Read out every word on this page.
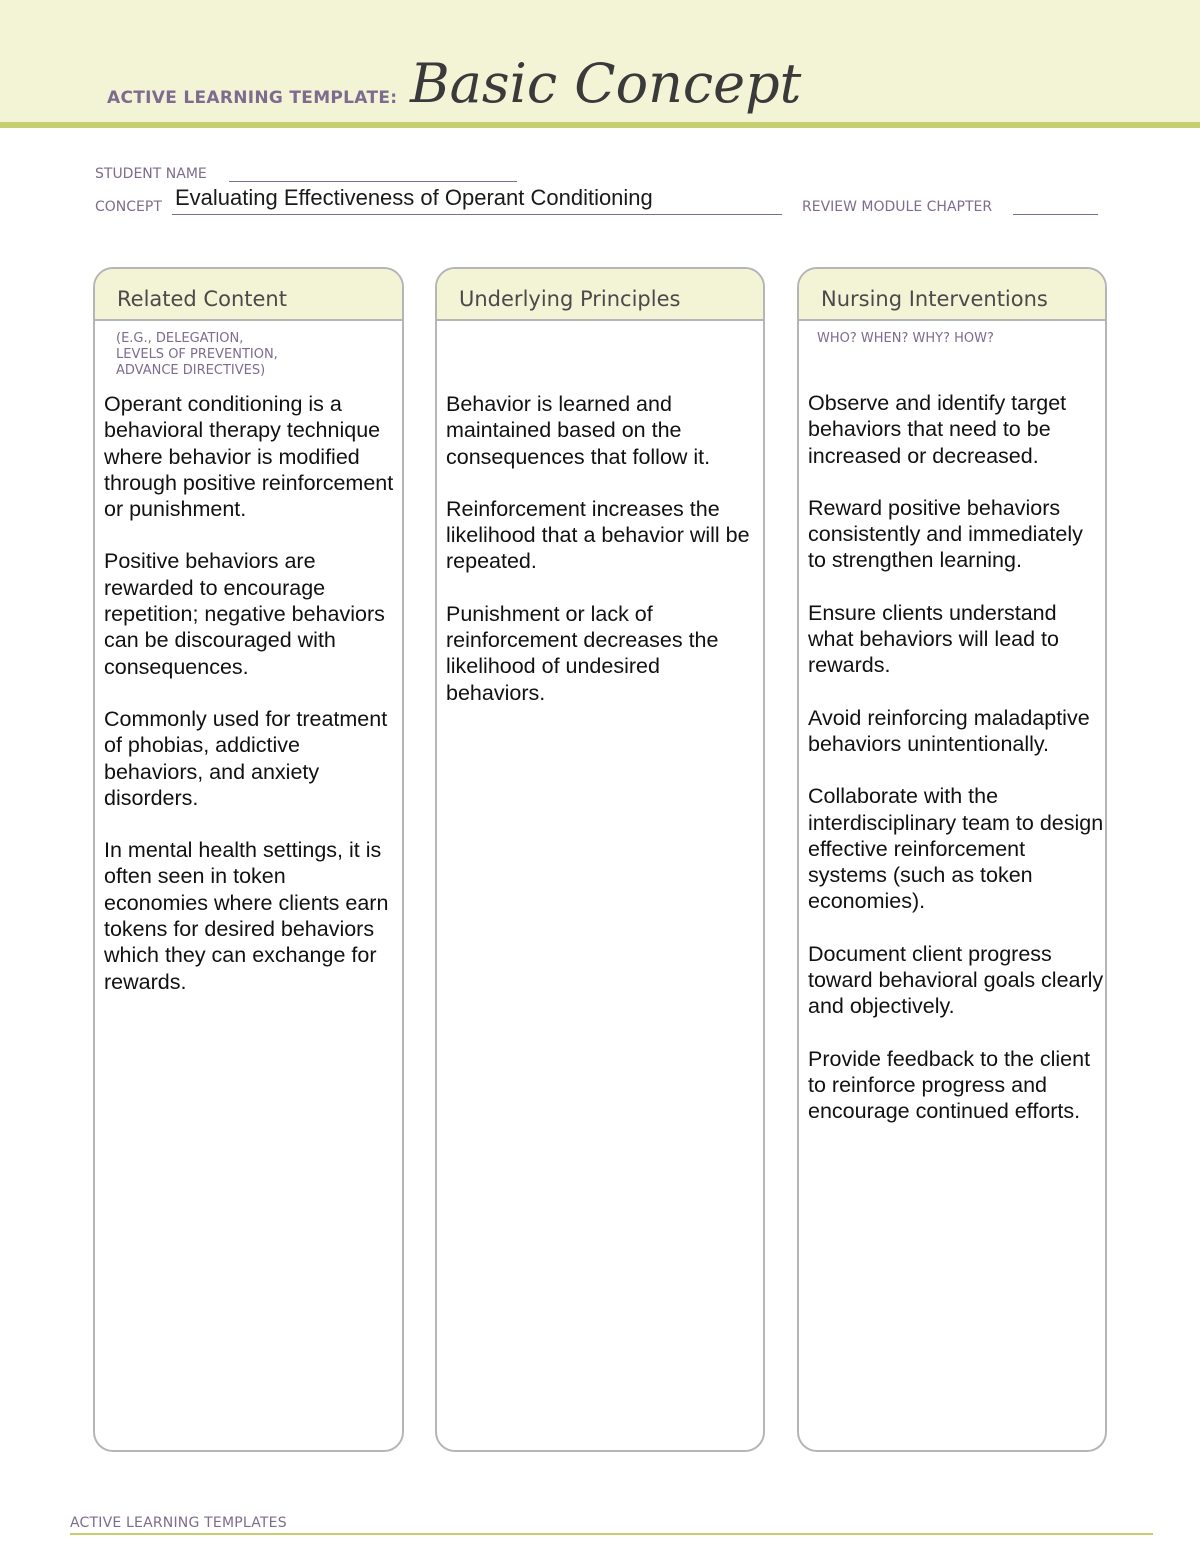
ACTIVE LEARNING TEMPLATE: Basic Concept
STUDENT NAME
CONCEPT Evaluating Effectiveness of Operant Conditioning	REVIEW MODULE CHAPTER
Related Content
(E.G., DELEGATION,
LEVELS OF PREVENTION,
ADVANCE DIRECTIVES)

Operant conditioning is a behavioral therapy technique where behavior is modified through positive reinforcement or punishment.

Positive behaviors are rewarded to encourage repetition; negative behaviors can be discouraged with consequences.

Commonly used for treatment of phobias, addictive behaviors, and anxiety disorders.

In mental health settings, it is often seen in token economies where clients earn tokens for desired behaviors which they can exchange for rewards.

Underlying Principles

Behavior is learned and maintained based on the consequences that follow it.

Reinforcement increases the likelihood that a behavior will be repeated.

Punishment or lack of reinforcement decreases the likelihood of undesired behaviors.

Nursing Interventions
WHO? WHEN? WHY? HOW?

Observe and identify target behaviors that need to be increased or decreased.

Reward positive behaviors consistently and immediately to strengthen learning.

Ensure clients understand what behaviors will lead to rewards.

Avoid reinforcing maladaptive behaviors unintentionally.

Collaborate with the interdisciplinary team to design effective reinforcement systems (such as token economies).

Document client progress toward behavioral goals clearly and objectively.

Provide feedback to the client to reinforce progress and encourage continued efforts.

ACTIVE LEARNING TEMPLATES
